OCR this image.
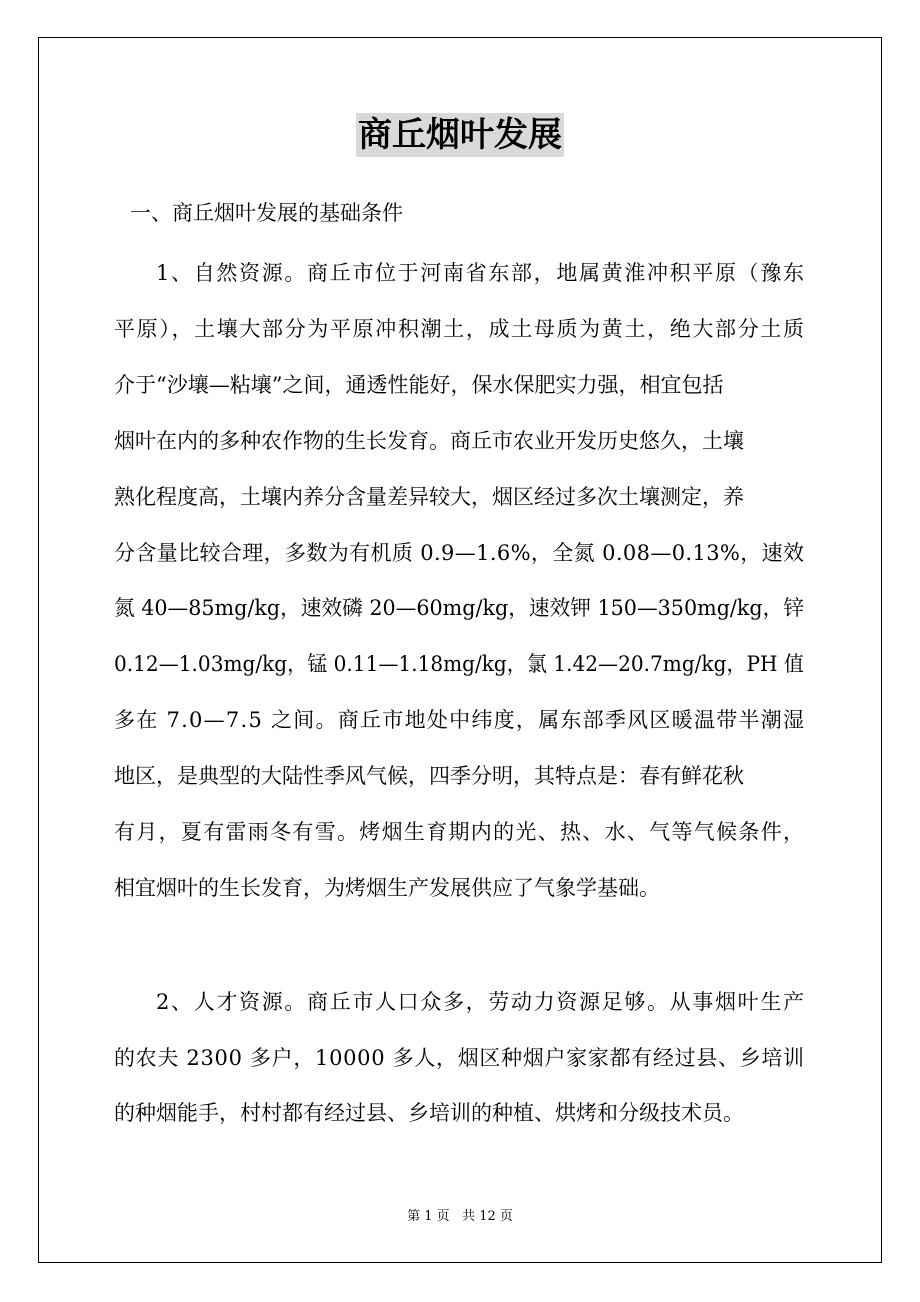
商丘烟叶发展
一、商丘烟叶发展的基础条件
1、自然资源。商丘市位于河南省东部，地属黄淮冲积平原（豫东
平原），土壤大部分为平原冲积潮土，成土母质为黄土，绝大部分土质
介于“沙壤—粘壤”之间，通透性能好，保水保肥实力强，相宜包括
烟叶在内的多种农作物的生长发育。商丘市农业开发历史悠久，土壤
熟化程度高，土壤内养分含量差异较大，烟区经过多次土壤测定，养
分含量比较合理，多数为有机质 0.9—1.6%，全氮 0.08—0.13%，速效
氮 40—85mg/kg，速效磷 20—60mg/kg，速效钾 150—350mg/kg，锌
0.12—1.03mg/kg，锰 0.11—1.18mg/kg，氯 1.42—20.7mg/kg，PH 值
多在 7.0—7.5 之间。商丘市地处中纬度，属东部季风区暖温带半潮湿
地区，是典型的大陆性季风气候，四季分明，其特点是：春有鲜花秋
有月，夏有雷雨冬有雪。烤烟生育期内的光、热、水、气等气候条件，
相宜烟叶的生长发育，为烤烟生产发展供应了气象学基础。
2、人才资源。商丘市人口众多，劳动力资源足够。从事烟叶生产
的农夫 2300 多户，10000 多人，烟区种烟户家家都有经过县、乡培训
的种烟能手，村村都有经过县、乡培训的种植、烘烤和分级技术员。
第 1 页   共 12 页
